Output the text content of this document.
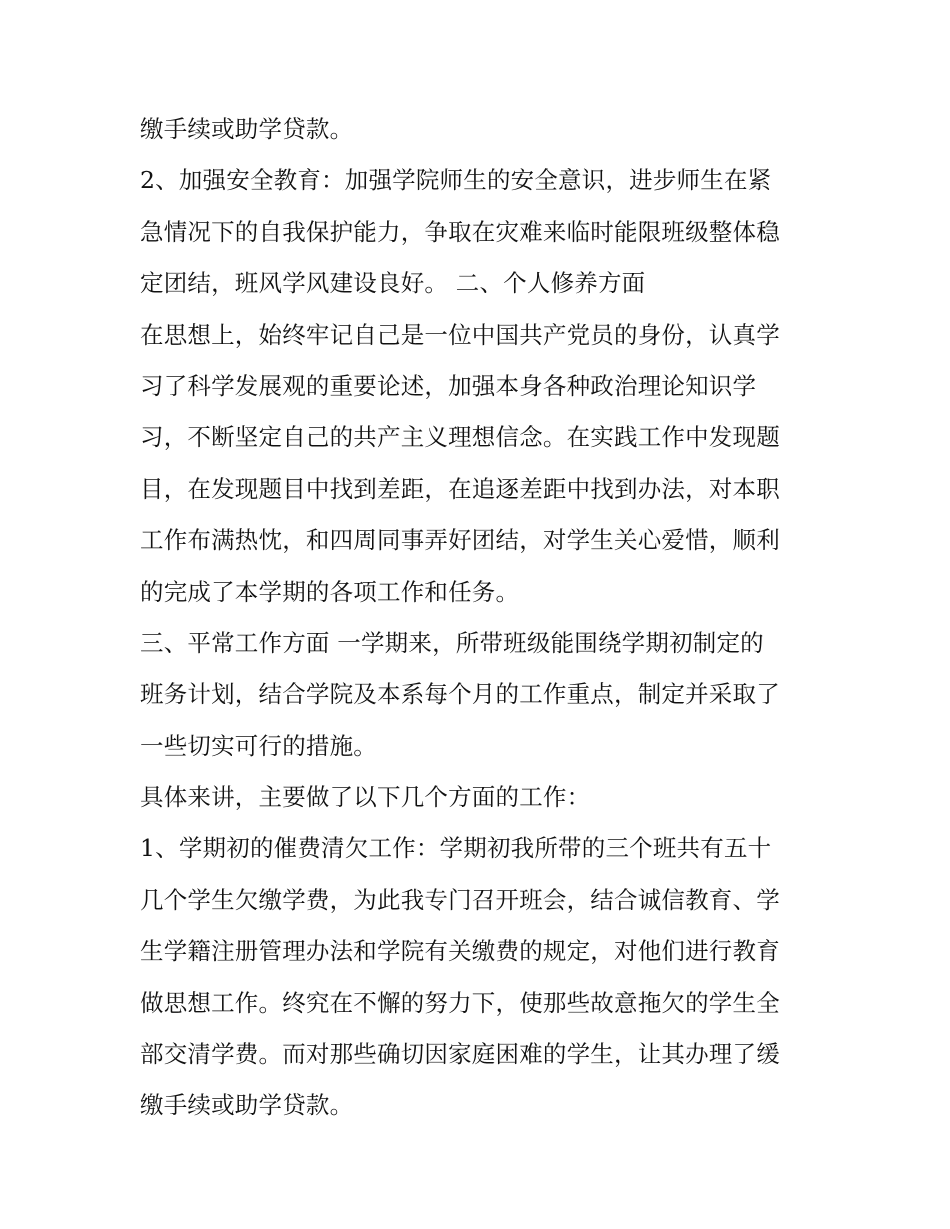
缴手续或助学贷款。
2、加强安全教育：加强学院师生的安全意识，进步师生在紧
急情况下的自我保护能力，争取在灾难来临时能限班级整体稳
定团结，班风学风建设良好。 二、个人修养方面
在思想上，始终牢记自己是一位中国共产党员的身份，认真学
习了科学发展观的重要论述，加强本身各种政治理论知识学
习，不断坚定自己的共产主义理想信念。在实践工作中发现题
目，在发现题目中找到差距，在追逐差距中找到办法，对本职
工作布满热忱，和四周同事弄好团结，对学生关心爱惜，顺利
的完成了本学期的各项工作和任务。
三、平常工作方面 一学期来，所带班级能围绕学期初制定的
班务计划，结合学院及本系每个月的工作重点，制定并采取了
一些切实可行的措施。
具体来讲，主要做了以下几个方面的工作：
1、学期初的催费清欠工作：学期初我所带的三个班共有五十
几个学生欠缴学费，为此我专门召开班会，结合诚信教育、学
生学籍注册管理办法和学院有关缴费的规定，对他们进行教育
做思想工作。终究在不懈的努力下，使那些故意拖欠的学生全
部交清学费。而对那些确切因家庭困难的学生，让其办理了缓
缴手续或助学贷款。
